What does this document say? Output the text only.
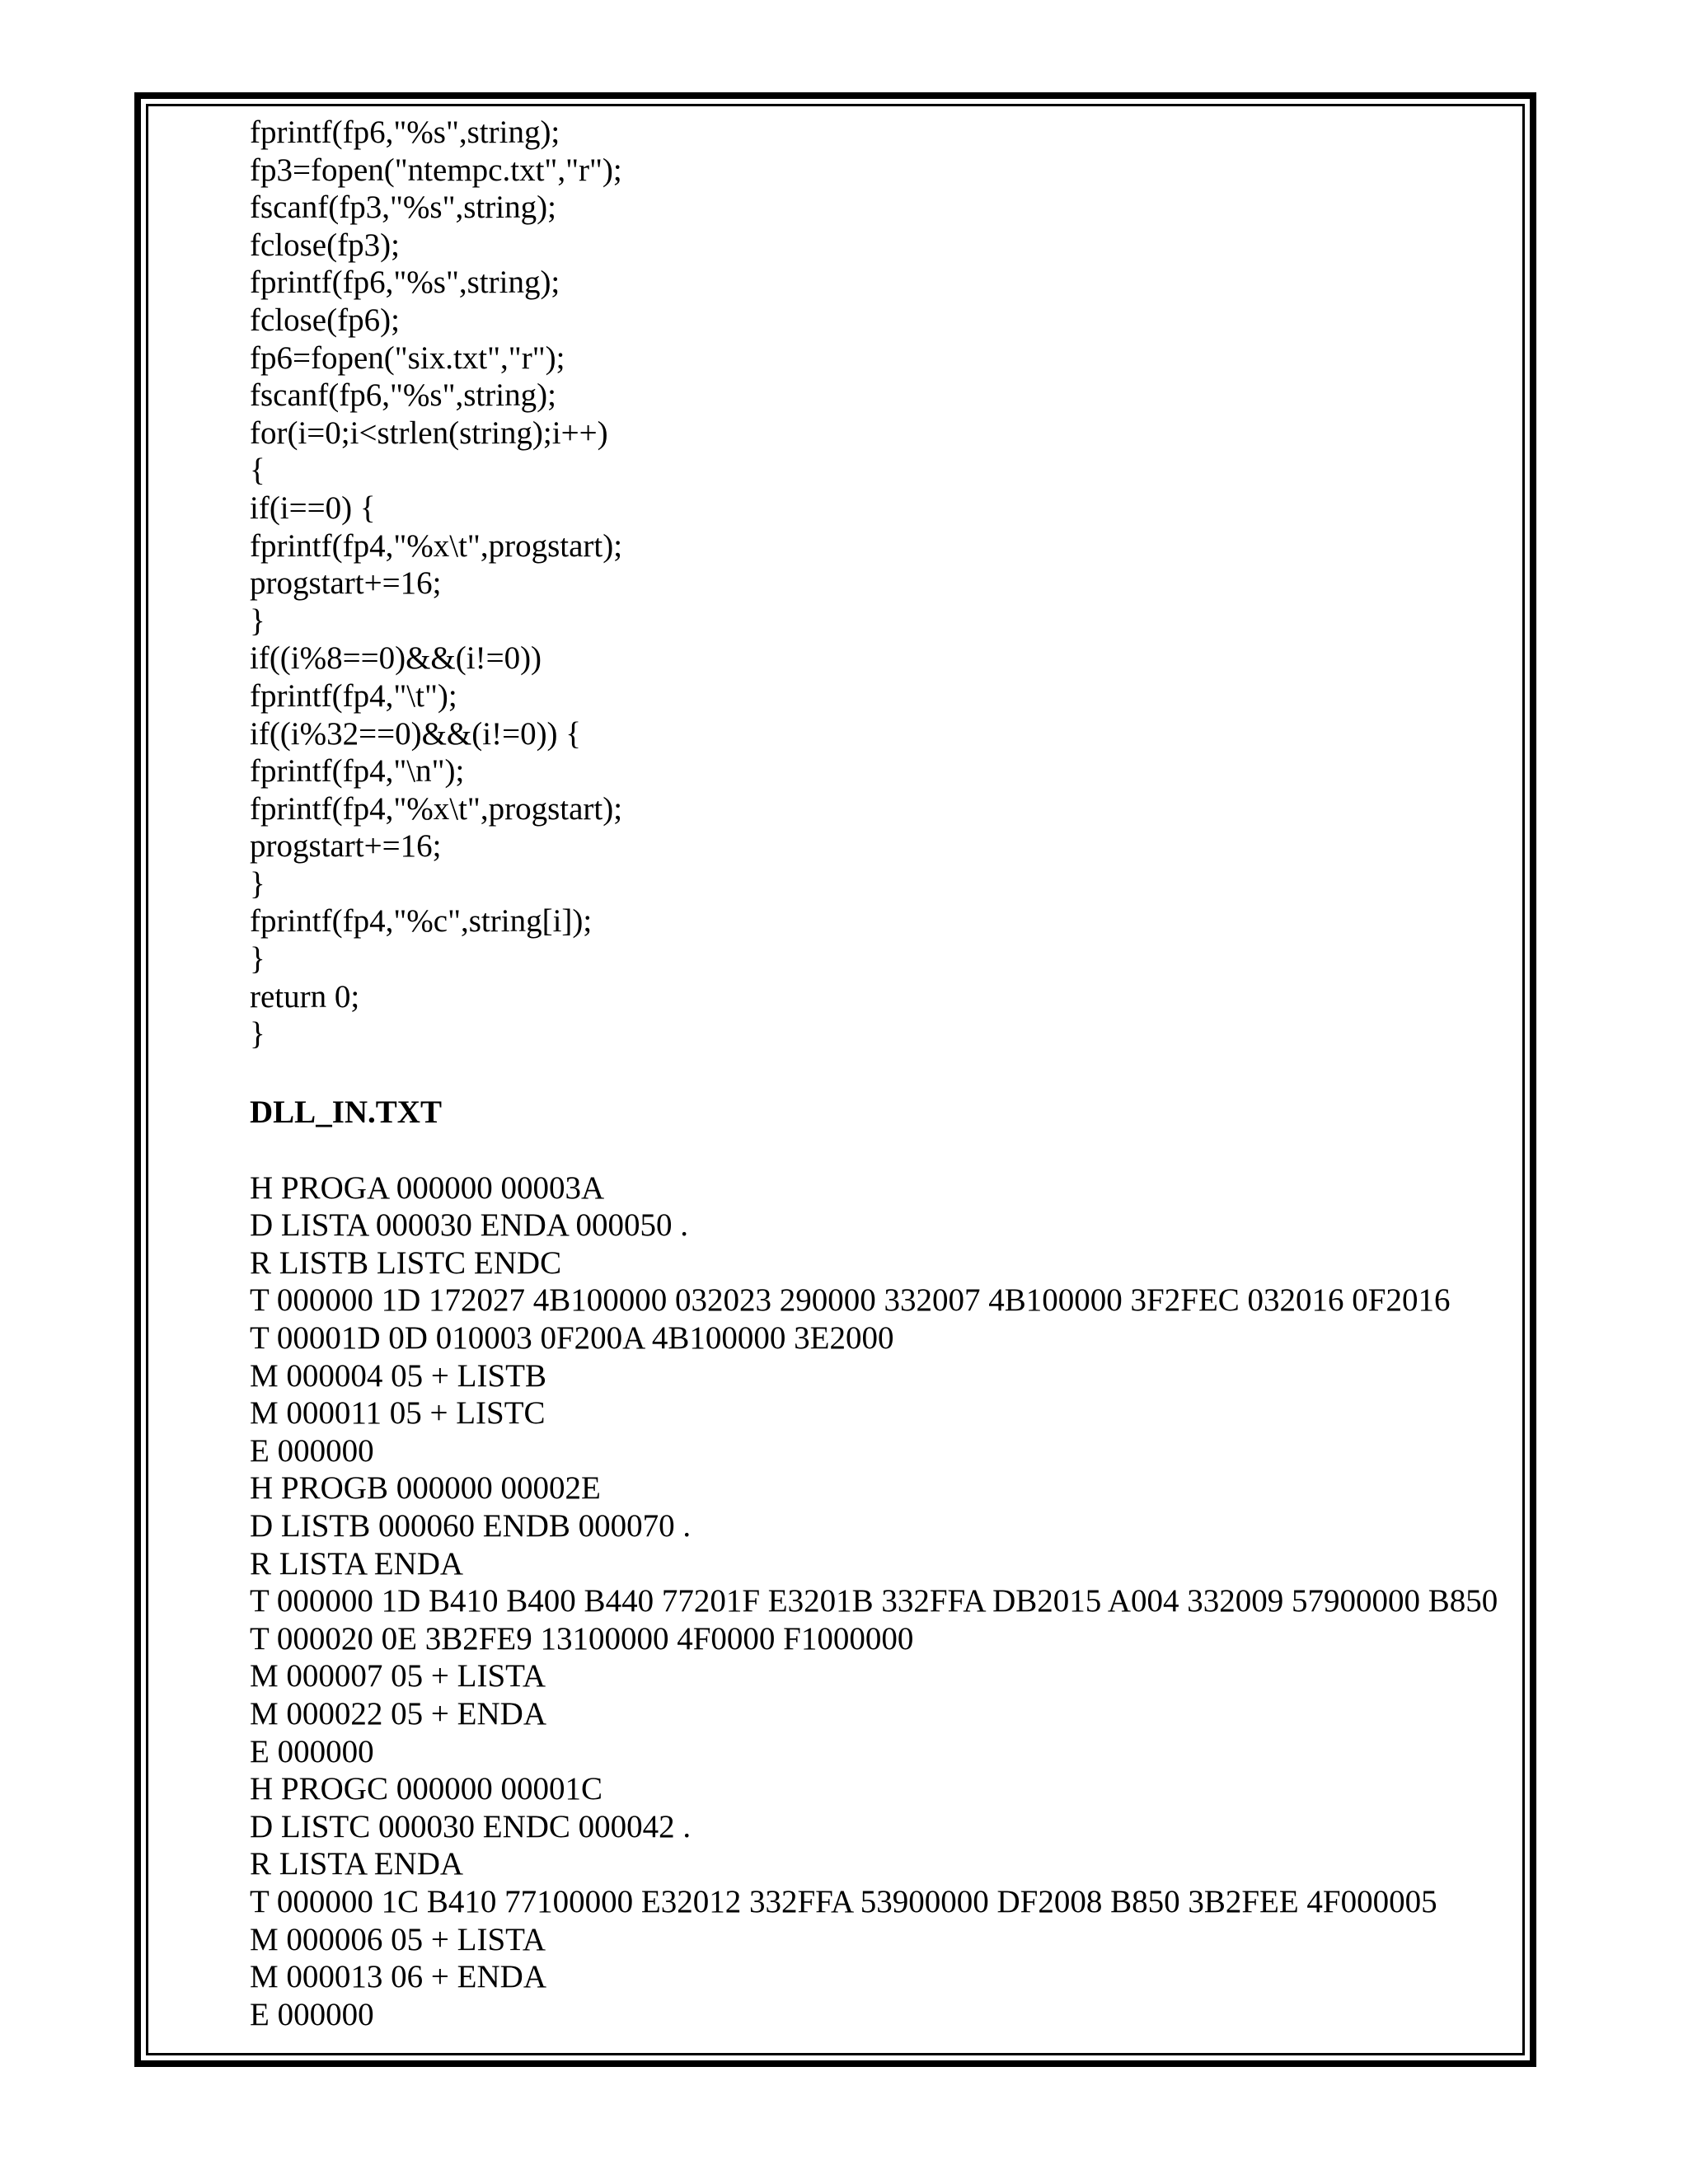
fprintf(fp6,"%s",string);
fp3=fopen("ntempc.txt","r");
fscanf(fp3,"%s",string);
fclose(fp3);
fprintf(fp6,"%s",string);
fclose(fp6);
fp6=fopen("six.txt","r");
fscanf(fp6,"%s",string);
for(i=0;i<strlen(string);i++)
{
if(i==0) {
fprintf(fp4,"%x\t",progstart);
progstart+=16;
}
if((i%8==0)&&(i!=0))
fprintf(fp4,"\t");
if((i%32==0)&&(i!=0)) {
fprintf(fp4,"\n");
fprintf(fp4,"%x\t",progstart);
progstart+=16;
}
fprintf(fp4,"%c",string[i]);
}
return 0;
}
DLL_IN.TXT
H PROGA 000000 00003A
D LISTA 000030 ENDA 000050 .
R LISTB LISTC ENDC
T 000000 1D 172027 4B100000 032023 290000 332007 4B100000 3F2FEC 032016 0F2016
T 00001D 0D 010003 0F200A 4B100000 3E2000
M 000004 05 + LISTB
M 000011 05 + LISTC
E 000000
H PROGB 000000 00002E
D LISTB 000060 ENDB 000070 .
R LISTA ENDA
T 000000 1D B410 B400 B440 77201F E3201B 332FFA DB2015 A004 332009 57900000 B850
T 000020 0E 3B2FE9 13100000 4F0000 F1000000
M 000007 05 + LISTA
M 000022 05 + ENDA
E 000000
H PROGC 000000 00001C
D LISTC 000030 ENDC 000042 .
R LISTA ENDA
T 000000 1C B410 77100000 E32012 332FFA 53900000 DF2008 B850 3B2FEE 4F000005
M 000006 05 + LISTA
M 000013 06 + ENDA
E 000000
